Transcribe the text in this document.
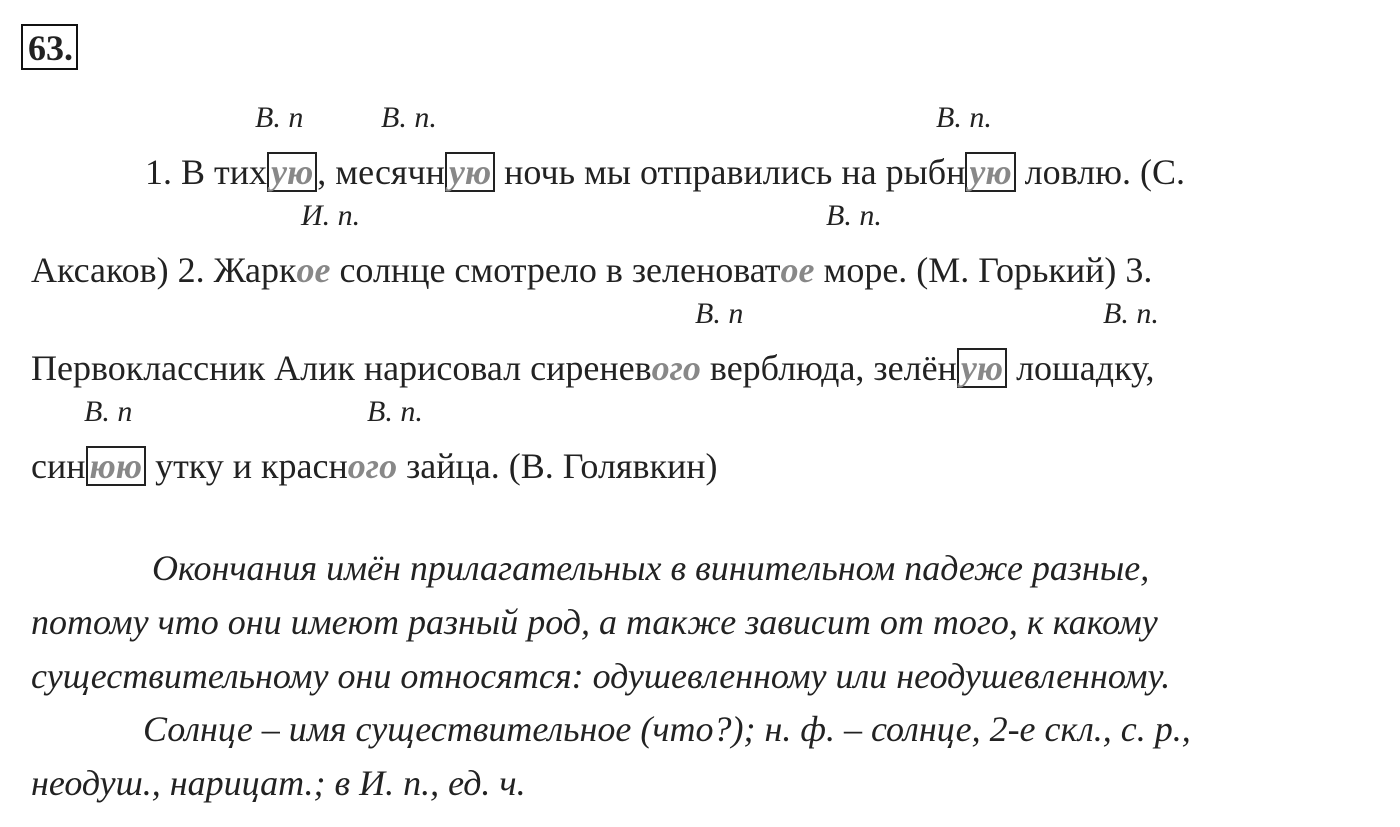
63.
В. п	В. п.	В. п.
И. п.	В. п.
В. п	В. п.
В. п	В. п.
1. В тих ую , месячн ую ночь мы отправились на рыбн ую ловлю. (С.
Аксаков) 2. Жаркое солнце смотрело в зеленоватое море. (М. Горький) 3.
Первоклассник Алик нарисовал сиреневого верблюда, зелён ую лошадку,
син юю утку и красного зайца. (В. Голявкин)
Окончания имён прилагательных в винительном падеже разные,
потому что они имеют разный род, а также зависит от того, к какому
существительному они относятся: одушевленному или неодушевленному.
Солнце – имя существительное (что?); н. ф. – солнце, 2-е скл., с. р.,
неодуш., нарицат.; в И. п., ед. ч.
